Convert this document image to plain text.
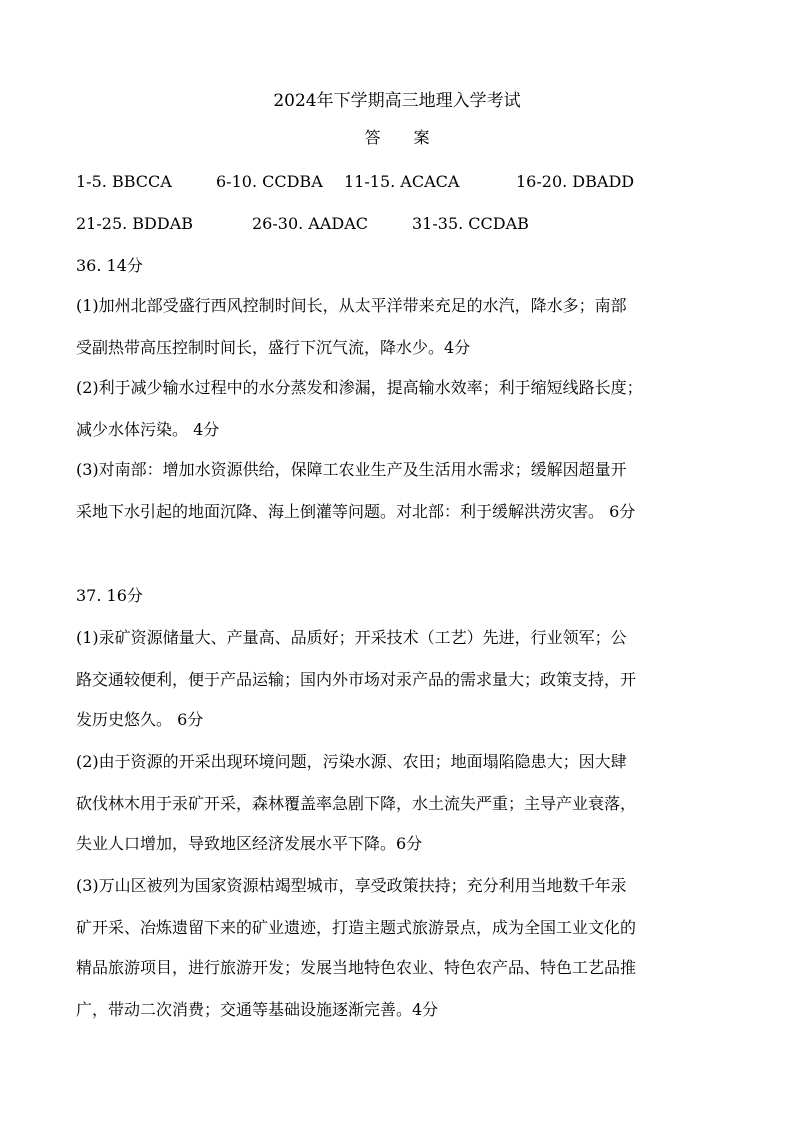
2024年下学期高三地理入学考试
答 案
1-5. BBCCA	6-10. CCDBA 11-15. ACACA	16-20. DBADD
21-25. BDDAB	26-30. AADAC	31-35. CCDAB
36. 14分
(1)加州北部受盛行西风控制时间长，从太平洋带来充足的水汽，降水多；南部
受副热带高压控制时间长，盛行下沉气流，降水少。4分
(2)利于减少输水过程中的水分蒸发和渗漏，提高输水效率；利于缩短线路长度；
减少水体污染。 4分
(3)对南部：增加水资源供给，保障工农业生产及生活用水需求；缓解因超量开
采地下水引起的地面沉降、海上倒灌等问题。对北部：利于缓解洪涝灾害。 6分
37. 16分
(1)汞矿资源储量大、产量高、品质好；开采技术（工艺）先进，行业领军；公
路交通较便利，便于产品运输；国内外市场对汞产品的需求量大；政策支持，开
发历史悠久。 6分
(2)由于资源的开采出现环境问题，污染水源、农田；地面塌陷隐患大；因大肆
砍伐林木用于汞矿开采，森林覆盖率急剧下降，水土流失严重；主导产业衰落，
失业人口增加，导致地区经济发展水平下降。6分
(3)万山区被列为国家资源枯竭型城市，享受政策扶持；充分利用当地数千年汞
矿开采、冶炼遗留下来的矿业遗迹，打造主题式旅游景点，成为全国工业文化的
精品旅游项目，进行旅游开发；发展当地特色农业、特色农产品、特色工艺品推
广，带动二次消费；交通等基础设施逐渐完善。4分
